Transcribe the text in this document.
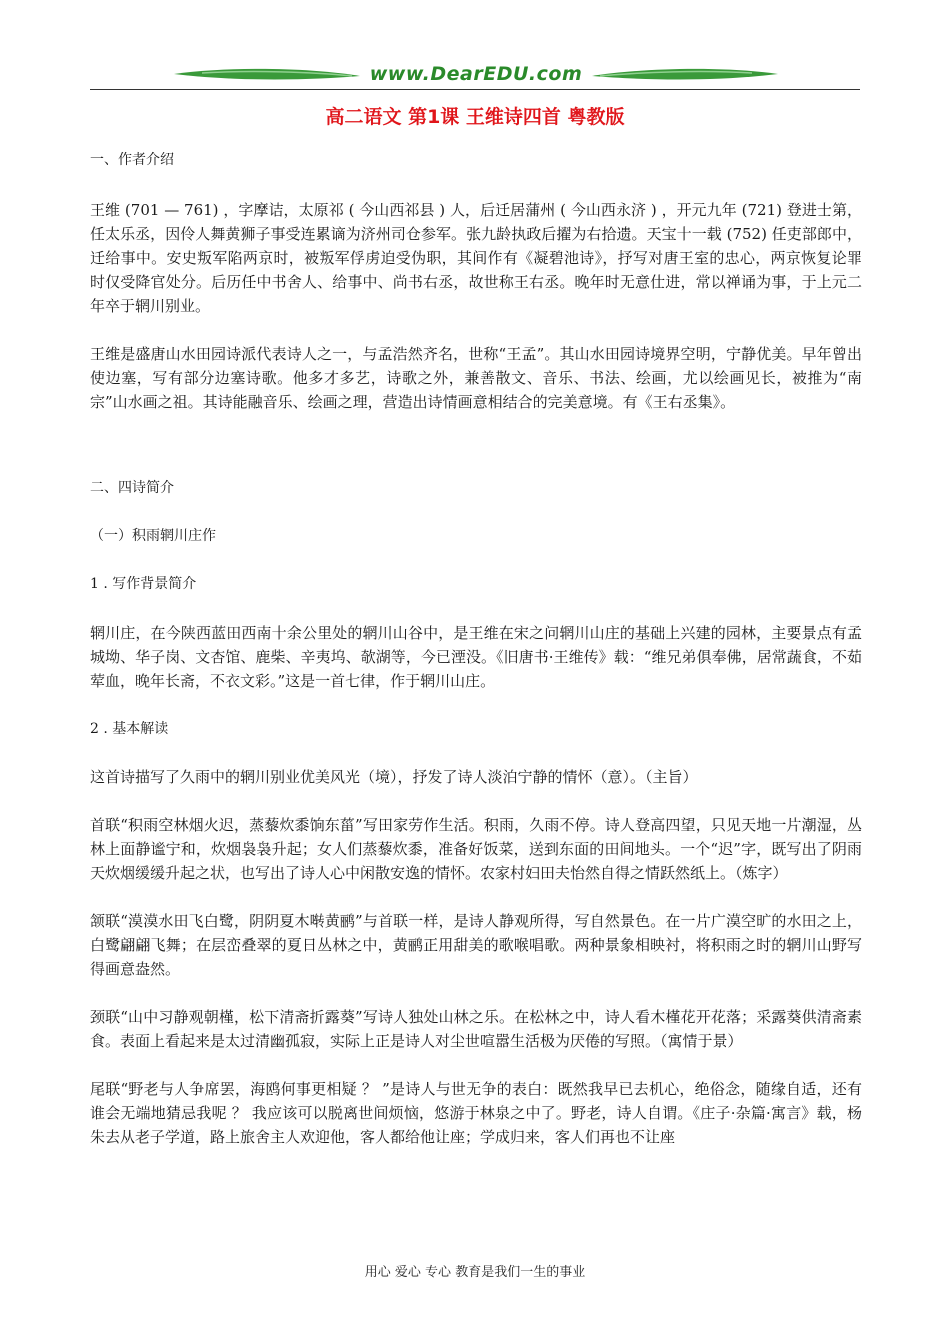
www.DearEDU.com
高二语文 第1课 王维诗四首 粤教版

一、作者介绍

王维 (701 — 761) ，字摩诘，太原祁 ( 今山西祁县 ) 人，后迁居蒲州 ( 今山西永济 ) ，开元九年 (721) 登进士第，任太乐丞，因伶人舞黄狮子事受连累谪为济州司仓参军。张九龄执政后擢为右拾遗。天宝十一载 (752) 任吏部郎中，迁给事中。安史叛军陷两京时，被叛军俘虏迫受伪职，其间作有《凝碧池诗》，抒写对唐王室的忠心，两京恢复论罪时仅受降官处分。后历任中书舍人、给事中、尚书右丞，故世称王右丞。晚年时无意仕进，常以禅诵为事，于上元二年卒于辋川别业。

王维是盛唐山水田园诗派代表诗人之一，与孟浩然齐名，世称“王孟”。其山水田园诗境界空明，宁静优美。早年曾出使边塞，写有部分边塞诗歌。他多才多艺，诗歌之外，兼善散文、音乐、书法、绘画，尤以绘画见长，被推为“南宗”山水画之祖。其诗能融音乐、绘画之理，营造出诗情画意相结合的完美意境。有《王右丞集》。

二、四诗简介

（一）积雨辋川庄作

1 . 写作背景简介

辋川庄，在今陕西蓝田西南十余公里处的辋川山谷中，是王维在宋之问辋川山庄的基础上兴建的园林，主要景点有孟城坳、华子岗、文杏馆、鹿柴、辛夷坞、欹湖等，今已湮没。《旧唐书·王维传》载：“维兄弟俱奉佛，居常蔬食，不茹荤血，晚年长斋，不衣文彩。”这是一首七律，作于辋川山庄。

2 . 基本解读

这首诗描写了久雨中的辋川别业优美风光（境），抒发了诗人淡泊宁静的情怀（意）。（主旨）

首联“积雨空林烟火迟，蒸藜炊黍饷东菑”写田家劳作生活。积雨，久雨不停。诗人登高四望，只见天地一片潮湿，丛林上面静谧宁和，炊烟袅袅升起；女人们蒸藜炊黍，准备好饭菜，送到东面的田间地头。一个“迟”字，既写出了阴雨天炊烟缓缓升起之状，也写出了诗人心中闲散安逸的情怀。农家村妇田夫怡然自得之情跃然纸上。（炼字）

颔联“漠漠水田飞白鹭，阴阴夏木啭黄鹂”与首联一样，是诗人静观所得，写自然景色。在一片广漠空旷的水田之上，白鹭翩翩飞舞；在层峦叠翠的夏日丛林之中，黄鹂正用甜美的歌喉唱歌。两种景象相映衬，将积雨之时的辋川山野写得画意盎然。

颈联“山中习静观朝槿，松下清斋折露葵”写诗人独处山林之乐。在松林之中，诗人看木槿花开花落；采露葵供清斋素食。表面上看起来是太过清幽孤寂，实际上正是诗人对尘世喧嚣生活极为厌倦的写照。（寓情于景）

尾联“野老与人争席罢，海鸥何事更相疑 ？ ”是诗人与世无争的表白：既然我早已去机心，绝俗念，随缘自适，还有谁会无端地猜忌我呢 ？ 我应该可以脱离世间烦恼，悠游于林泉之中了。野老，诗人自谓。《庄子·杂篇·寓言》载，杨朱去从老子学道，路上旅舍主人欢迎他，客人都给他让座；学成归来，客人们再也不让座

用心 爱心 专心 教育是我们一生的事业
